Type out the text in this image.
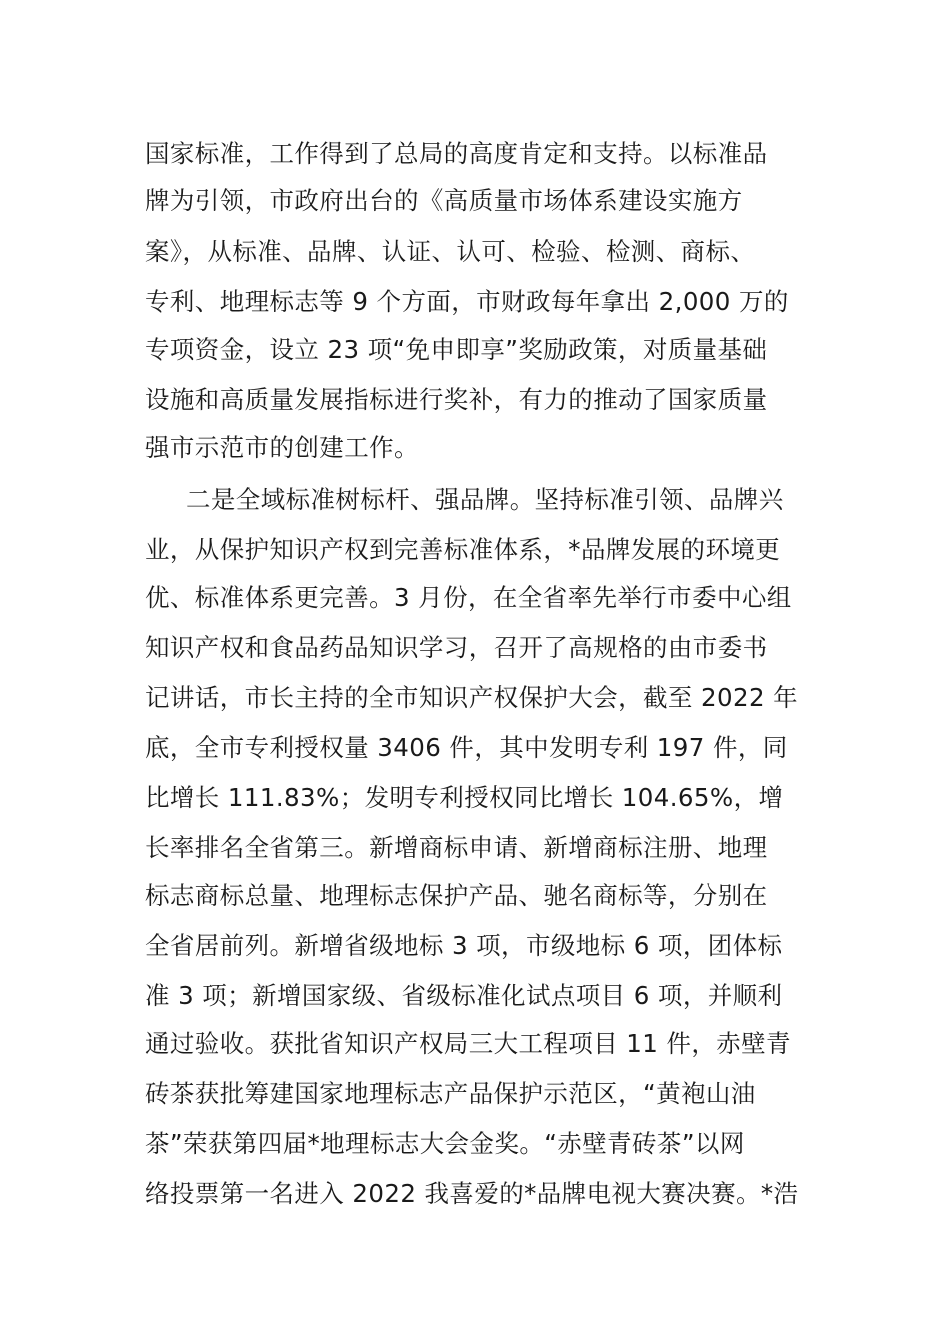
国家标准，工作得到了总局的高度肯定和支持。以标准品
牌为引领，市政府出台的《高质量市场体系建设实施方
案》，从标准、品牌、认证、认可、检验、检测、商标、
专利、地理标志等 9 个方面，市财政每年拿出 2,000 万的
专项资金，设立 23 项“免申即享”奖励政策，对质量基础
设施和高质量发展指标进行奖补，有力的推动了国家质量
强市示范市的创建工作。
二是全域标准树标杆、强品牌。坚持标准引领、品牌兴
业，从保护知识产权到完善标准体系，*品牌发展的环境更
优、标准体系更完善。3 月份，在全省率先举行市委中心组
知识产权和食品药品知识学习，召开了高规格的由市委书
记讲话，市长主持的全市知识产权保护大会，截至 2022 年
底，全市专利授权量 3406 件，其中发明专利 197 件，同
比增长 111.83%；发明专利授权同比增长 104.65%，增
长率排名全省第三。新增商标申请、新增商标注册、地理
标志商标总量、地理标志保护产品、驰名商标等，分别在
全省居前列。新增省级地标 3 项，市级地标 6 项，团体标
准 3 项；新增国家级、省级标准化试点项目 6 项，并顺利
通过验收。获批省知识产权局三大工程项目 11 件，赤壁青
砖茶获批筹建国家地理标志产品保护示范区，“黄袍山油
茶”荣获第四届*地理标志大会金奖。“赤壁青砖茶”以网
络投票第一名进入 2022 我喜爱的*品牌电视大赛决赛。*浩
